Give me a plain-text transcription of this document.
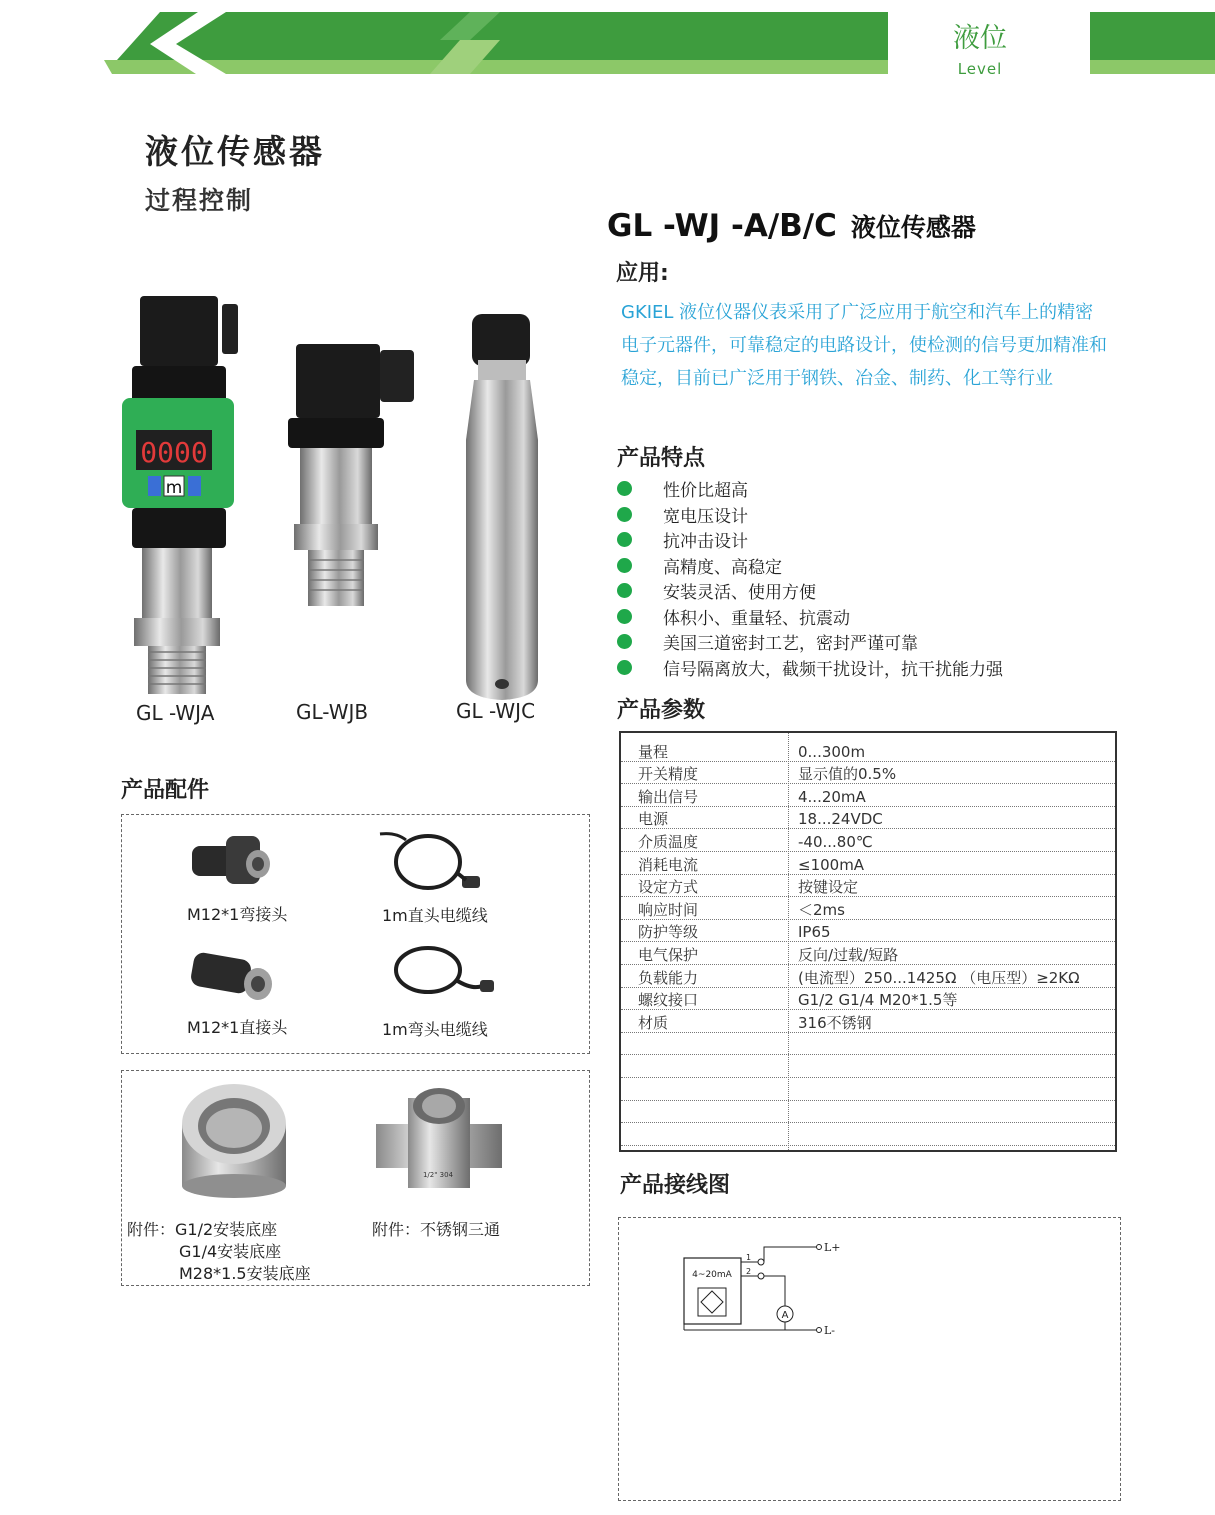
液位
Level
液位传感器
过程控制
0000
m
GL -WJA	GL-WJB	GL -WJC
产品配件
M12*1弯接头	1m直头电缆线
M12*1直接头	1m弯头电缆线
附件：G1/2安装底座
G1/4安装底座
M28*1.5安装底座
1/2" 304
附件：不锈钢三通
GL -WJ -A/B/C 液位传感器
应用:
GKIEL 液位仪器仪表采用了广泛应用于航空和汽车上的精密电子元器件，可靠稳定的电路设计，使检测的信号更加精准和稳定，目前已广泛用于钢铁、冶金、制药、化工等行业
产品特点
性价比超高
宽电压设计
抗冲击设计
高精度、高稳定
安装灵活、使用方便
体积小、重量轻、抗震动
美国三道密封工艺，密封严谨可靠
信号隔离放大，截频干扰设计，抗干扰能力强
产品参数
量程	0...300m
开关精度	显示值的0.5%
输出信号	4...20mA
电源	18...24VDC
介质温度	-40...80℃
消耗电流	≤100mA
设定方式	按键设定
响应时间	＜2ms
防护等级	IP65
电气保护	反向/过载/短路
负载能力	(电流型）250...1425Ω （电压型）≥2KΩ
螺纹接口	G1/2 G1/4 M20*1.5等
材质	316不锈钢
产品接线图
4~20mA
1
2
L+
A
L-
